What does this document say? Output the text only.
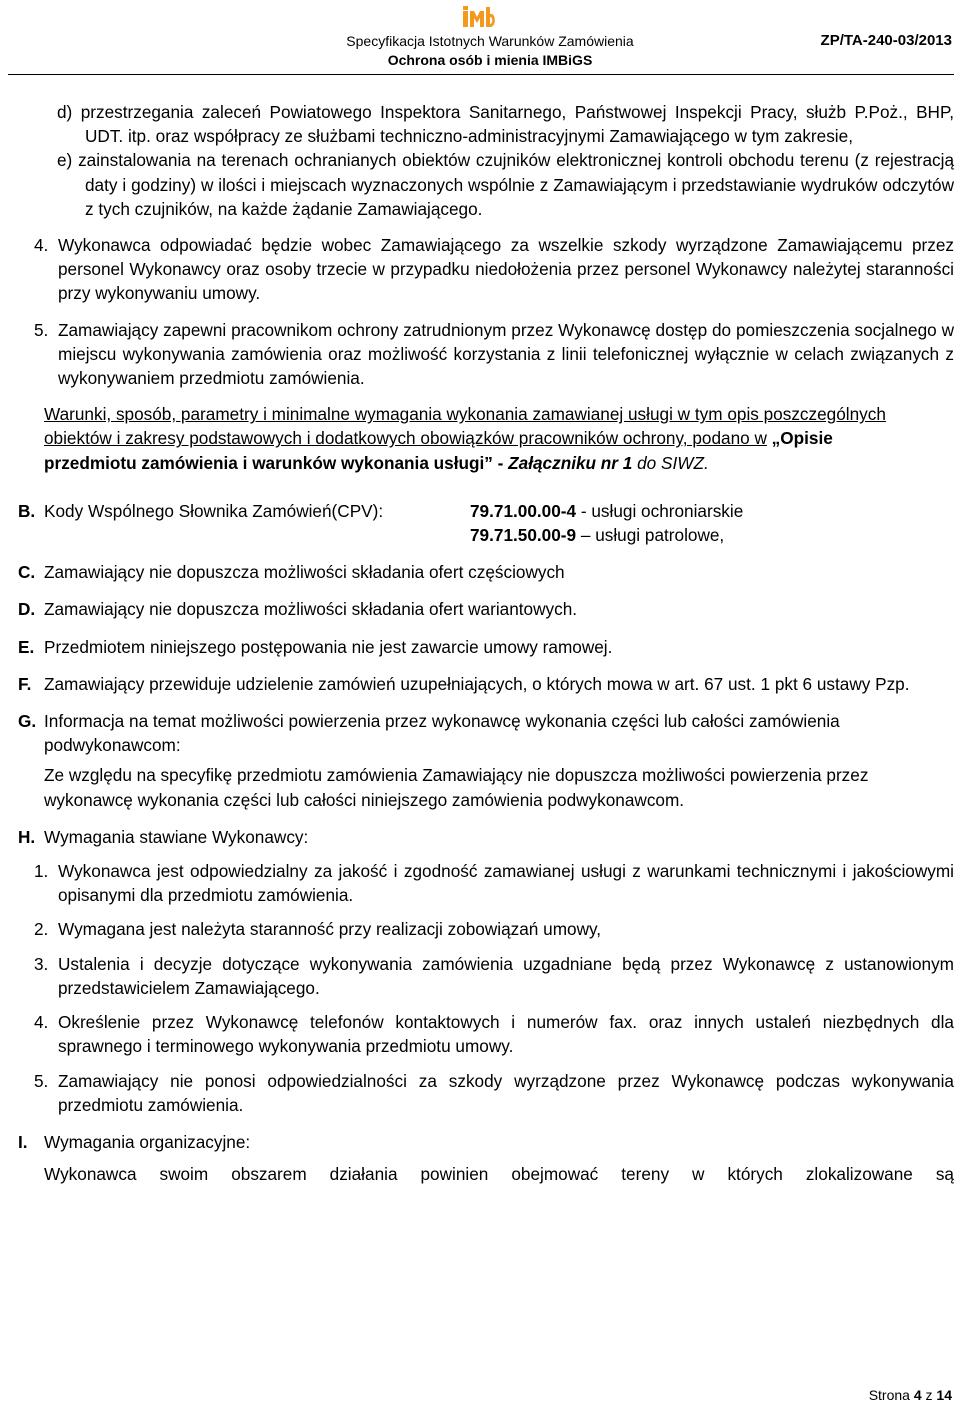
Specyfikacja Istotnych Warunków Zamówienia
Ochrona osób i mienia IMBiGS
ZP/TA-240-03/2013
d) przestrzegania zaleceń Powiatowego Inspektora Sanitarnego, Państwowej Inspekcji Pracy, służb P.Poż., BHP, UDT. itp. oraz współpracy ze służbami techniczno-administracyjnymi Zamawiającego w tym zakresie,
e) zainstalowania na terenach ochranianych obiektów czujników elektronicznej kontroli obchodu terenu (z rejestracją daty i godziny) w ilości i miejscach wyznaczonych wspólnie z Zamawiającym i przedstawianie wydruków odczytów z tych czujników, na każde żądanie Zamawiającego.
4. Wykonawca odpowiadać będzie wobec Zamawiającego za wszelkie szkody wyrządzone Zamawiającemu przez personel Wykonawcy oraz osoby trzecie w przypadku niedołożenia przez personel Wykonawcy należytej staranności przy wykonywaniu umowy.
5. Zamawiający zapewni pracownikom ochrony zatrudnionym przez Wykonawcę dostęp do pomieszczenia socjalnego w miejscu wykonywania zamówienia oraz możliwość korzystania z linii telefonicznej wyłącznie w celach związanych z wykonywaniem przedmiotu zamówienia.
Warunki, sposób, parametry i minimalne wymagania wykonania zamawianej usługi w tym opis poszczególnych obiektów i zakresy podstawowych i dodatkowych obowiązków pracowników ochrony, podano w „Opisie przedmiotu zamówienia i warunków wykonania usługi” - Załączniku nr 1 do SIWZ.
B. Kody Wspólnego Słownika Zamówień(CPV):	79.71.00.00-4 - usługi ochroniarskie
79.71.50.00-9 – usługi patrolowe,
C. Zamawiający nie dopuszcza możliwości składania ofert częściowych
D. Zamawiający nie dopuszcza możliwości składania ofert wariantowych.
E. Przedmiotem niniejszego postępowania nie jest zawarcie umowy ramowej.
F. Zamawiający przewiduje udzielenie zamówień uzupełniających, o których mowa w art. 67 ust. 1 pkt 6 ustawy Pzp.
G. Informacja na temat możliwości powierzenia przez wykonawcę wykonania części lub całości zamówienia podwykonawcom:
Ze względu na specyfikę przedmiotu zamówienia Zamawiający nie dopuszcza możliwości powierzenia przez wykonawcę wykonania części lub całości niniejszego zamówienia podwykonawcom.
H. Wymagania stawiane Wykonawcy:
1. Wykonawca jest odpowiedzialny za jakość i zgodność zamawianej usługi z warunkami technicznymi i jakościowymi opisanymi dla przedmiotu zamówienia.
2. Wymagana jest należyta staranność przy realizacji zobowiązań umowy,
3. Ustalenia i decyzje dotyczące wykonywania zamówienia uzgadniane będą przez Wykonawcę z ustanowionym przedstawicielem Zamawiającego.
4. Określenie przez Wykonawcę telefonów kontaktowych i numerów fax. oraz innych ustaleń niezbędnych dla sprawnego i terminowego wykonywania przedmiotu umowy.
5. Zamawiający nie ponosi odpowiedzialności za szkody wyrządzone przez Wykonawcę podczas wykonywania przedmiotu zamówienia.
I. Wymagania organizacyjne:
Wykonawca swoim obszarem działania powinien obejmować tereny w których zlokalizowane są
Strona 4 z 14
